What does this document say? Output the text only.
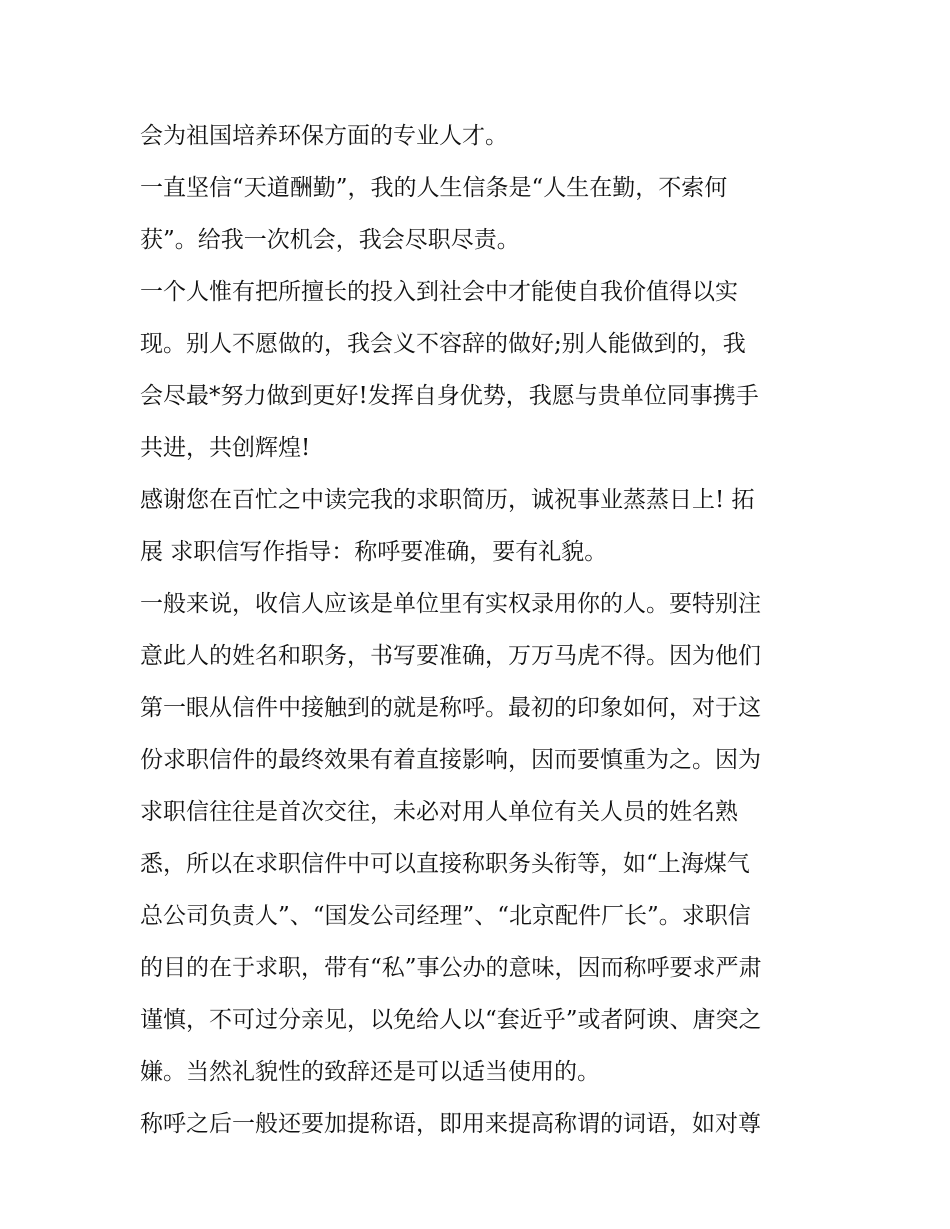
会为祖国培养环保方面的专业人才。
一直坚信“天道酬勤”，我的人生信条是“人生在勤，不索何
获”。给我一次机会，我会尽职尽责。
一个人惟有把所擅长的投入到社会中才能使自我价值得以实
现。别人不愿做的，我会义不容辞的做好;别人能做到的，我
会尽最*努力做到更好!发挥自身优势，我愿与贵单位同事携手
共进，共创辉煌!
感谢您在百忙之中读完我的求职简历，诚祝事业蒸蒸日上! 拓
展 求职信写作指导：称呼要准确，要有礼貌。
一般来说，收信人应该是单位里有实权录用你的人。要特别注
意此人的姓名和职务，书写要准确，万万马虎不得。因为他们
第一眼从信件中接触到的就是称呼。最初的印象如何，对于这
份求职信件的最终效果有着直接影响，因而要慎重为之。因为
求职信往往是首次交往，未必对用人单位有关人员的姓名熟
悉，所以在求职信件中可以直接称职务头衔等，如“上海煤气
总公司负责人”、“国发公司经理”、“北京配件厂长”。求职信
的目的在于求职，带有“私”事公办的意味，因而称呼要求严肃
谨慎，不可过分亲见，以免给人以“套近乎”或者阿谀、唐突之
嫌。当然礼貌性的致辞还是可以适当使用的。
称呼之后一般还要加提称语，即用来提高称谓的词语，如对尊
